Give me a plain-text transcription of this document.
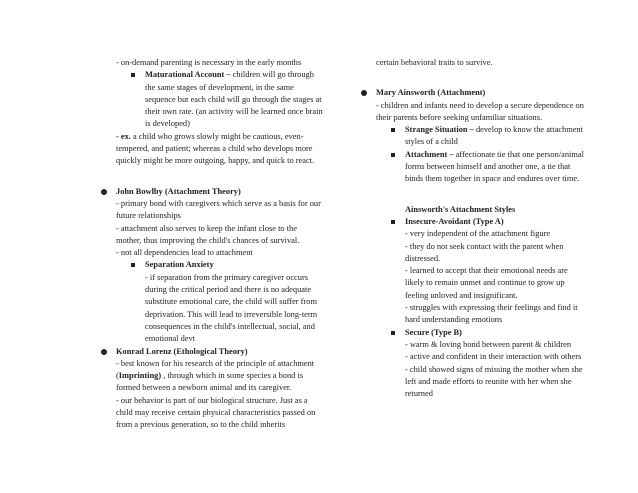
- on-demand parenting is necessary in the early months

Maturational Account – children will go through the same stages of development, in the same sequence but each child will go through the stages at their own rate. (an activity will be learned once brain is developed)

- ex. a child who grows slowly might be cautious, even-tempered, and patient; whereas a child who develops more quickly might be more outgoing, happy, and quick to react.

John Bowlby (Attachment Theory)

- primary bond with caregivers which serve as a basis for our future relationships

- attachment also serves to keep the infant close to the mother, thus improving the child's chances of survival.

- not all dependencies lead to attachment

Separation Anxiety

- if separation from the primary caregiver occurs during the critical period and there is no adequate substitute emotional care, the child will suffer from deprivation. This will lead to irreversible long-term consequences in the child's intellectual, social, and emotional devt

Konrad Lorenz (Ethological Theory)

- best known for his research of the principle of attachment (Imprinting) , through which in some species a bond is formed between a newborn animal and its caregiver.

- our behavior is part of our biological structure. Just as a child may receive certain physical characteristics passed on from a previous generation, so to the child inherits

certain behavioral traits to survive.

Mary Ainsworth (Attachment)

- children and infants need to develop a secure dependence on their parents before seeking unfamiliar situations.

Strange Situation – develop to know the attachment styles of a child

Attachment – affectionate tie that one person/animal forms between himself and another one, a tie that binds them together in space and endures over time.

Ainsworth's Attachment Styles

Insecure-Avoidant (Type A)

- very independent of the attachment figure

- they do not seek contact with the parent when distressed.

- learned to accept that their emotional needs are likely to remain unmet and continue to grow up feeling unloved and insignificant.

- struggles with expressing their feelings and find it hard understanding emotions

Secure (Type B)

- warm & loving bond between parent & children

- active and confident in their interaction with others

- child showed signs of missing the mother when she left and made efforts to reunite with her when she returned
